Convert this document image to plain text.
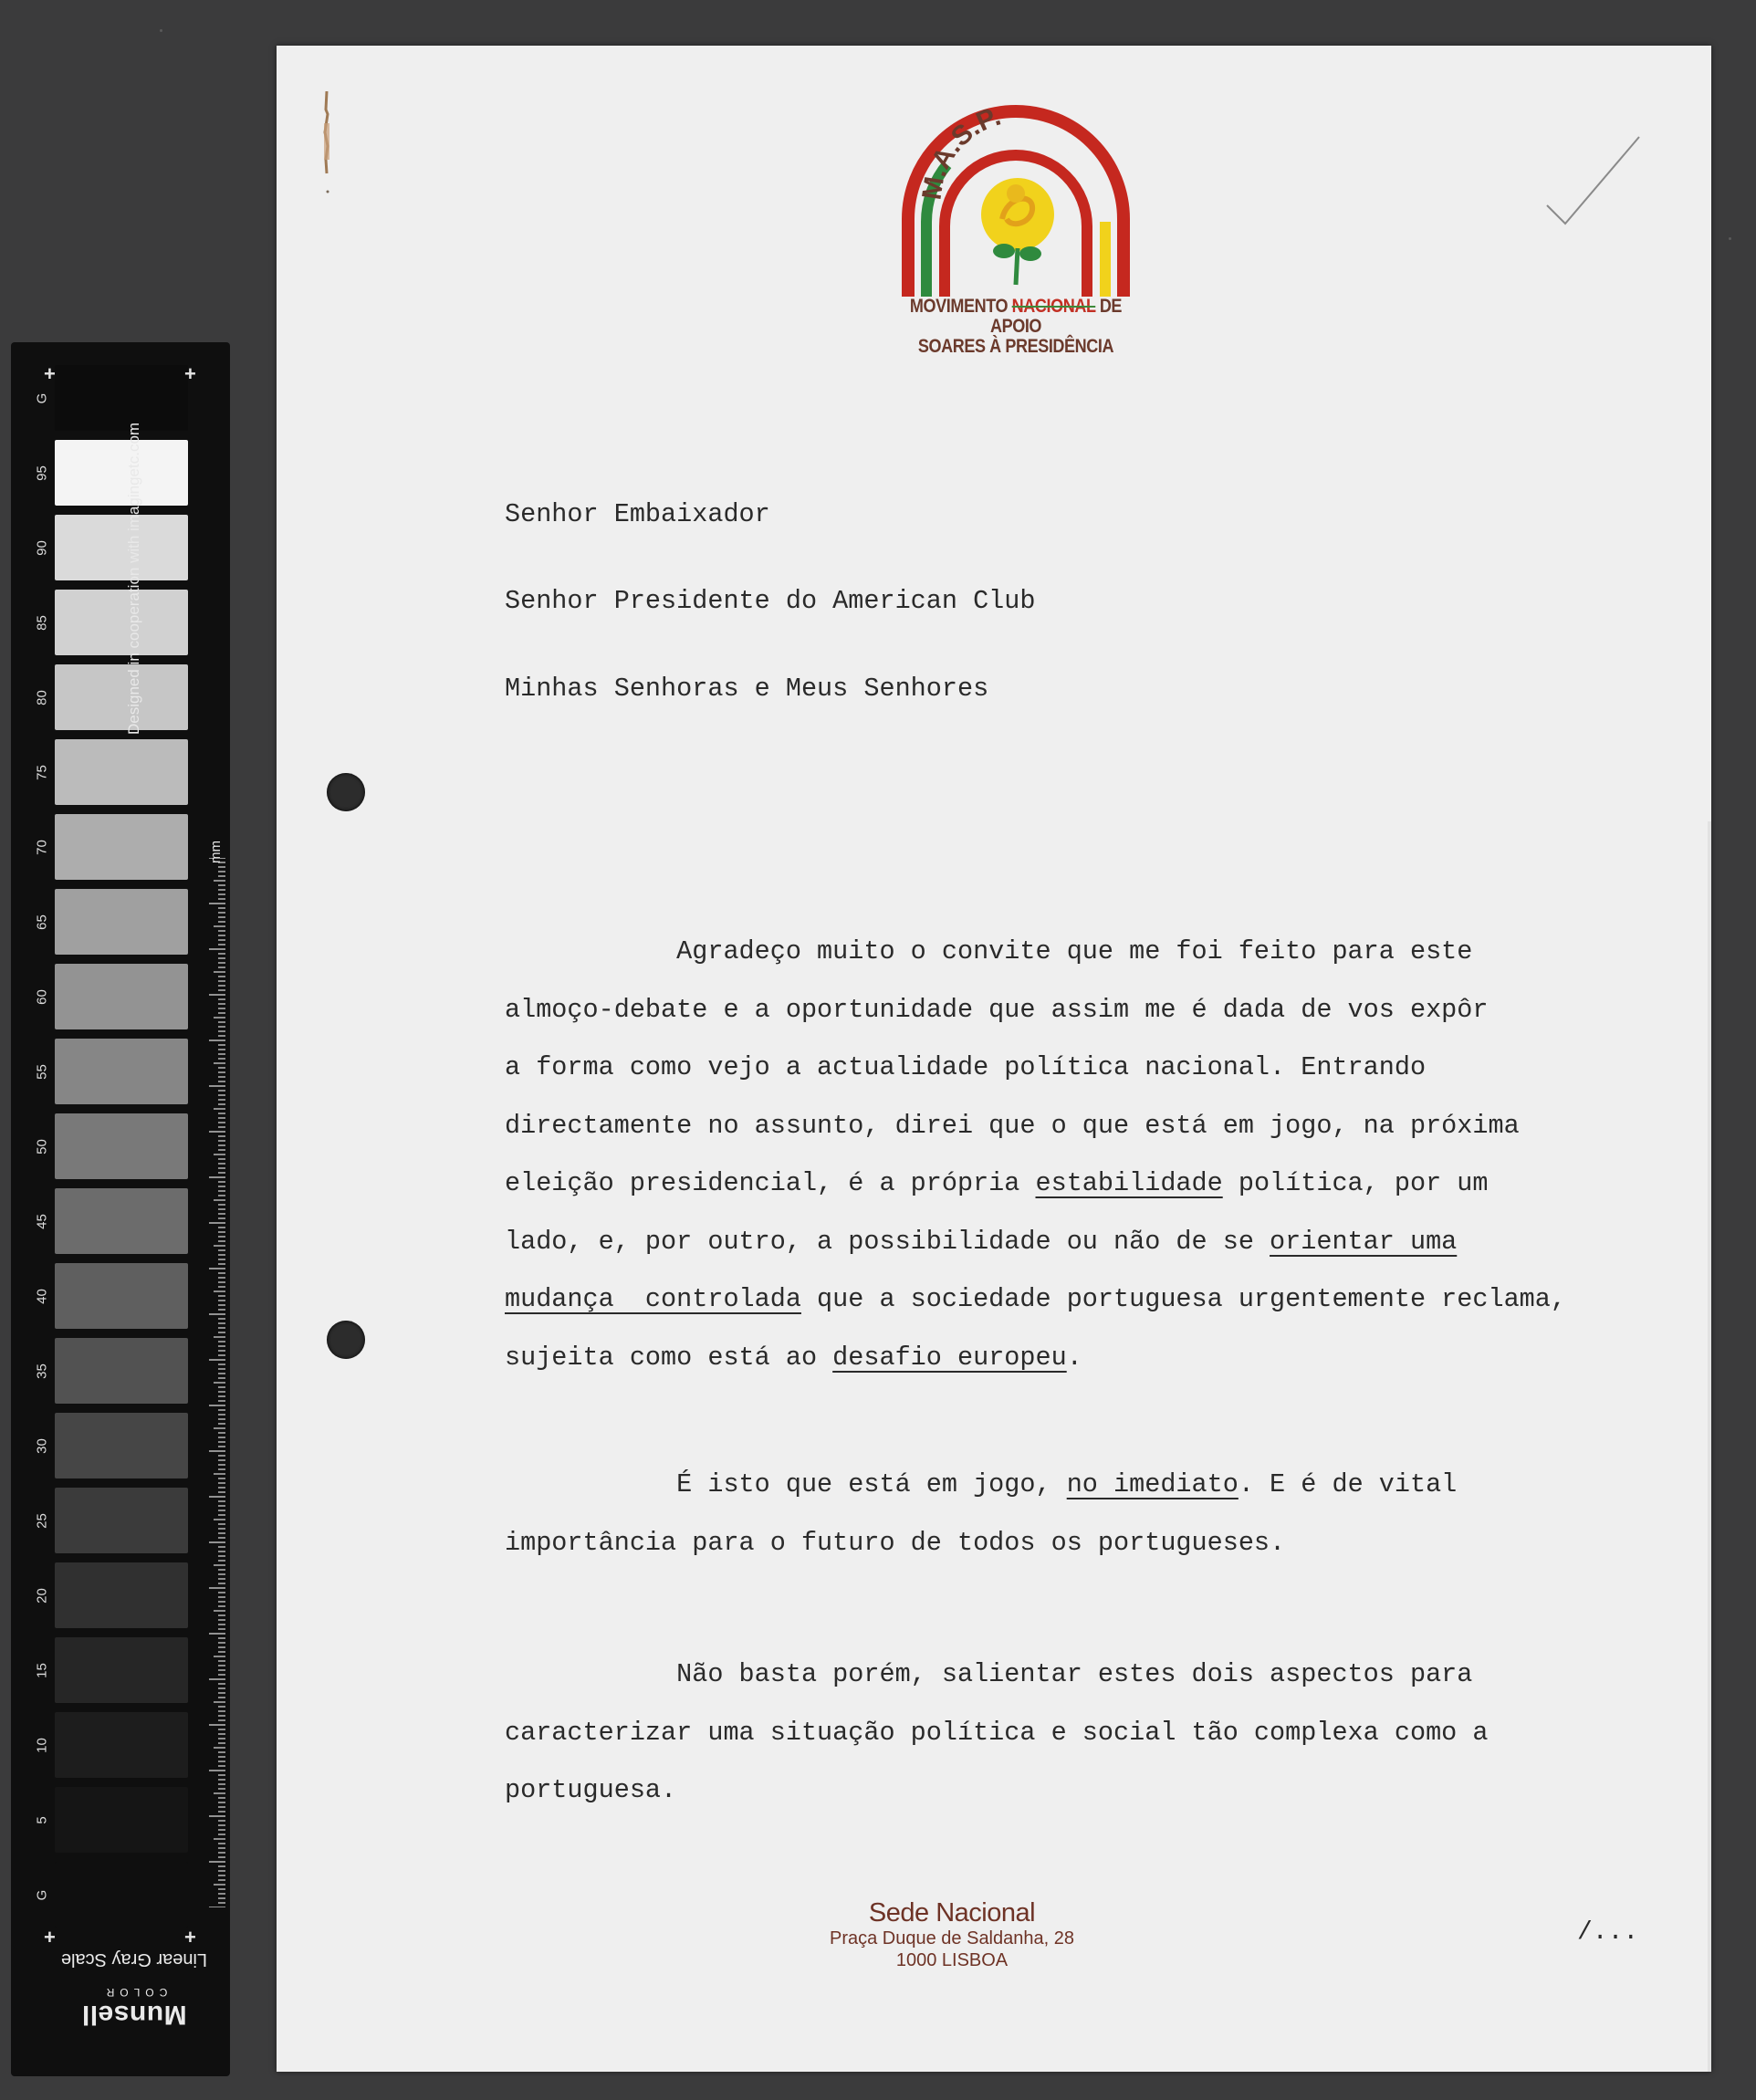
G
95
90
85
80
75
70
65
60
55
50
45
40
35
30
25
20
15
10
5
G
+	+
+	+
Designed in cooperation with imagingetc.com
mm
Munsell
COLOR
Linear Gray Scale
M.A.S.P.
MOVIMENTO NACIONAL DE APOIO
SOARES À PRESIDÊNCIA
Senhor Embaixador
Senhor Presidente do American Club
Minhas Senhoras e Meus Senhores
Agradeço muito o convite que me foi feito para este
almoço-debate e a oportunidade que assim me é dada de vos expôr
a forma como vejo a actualidade política nacional. Entrando
directamente no assunto, direi que o que está em jogo, na próxima
eleição presidencial, é a própria estabilidade política, por um
lado, e, por outro, a possibilidade ou não de se orientar uma
mudança  controlada que a sociedade portuguesa urgentemente reclama,
sujeita como está ao desafio europeu.
É isto que está em jogo, no imediato. E é de vital
importância para o futuro de todos os portugueses.
Não basta porém, salientar estes dois aspectos para
caracterizar uma situação política e social tão complexa como a
portuguesa.
Sede Nacional
Praça Duque de Saldanha, 28
1000 LISBOA
/...
